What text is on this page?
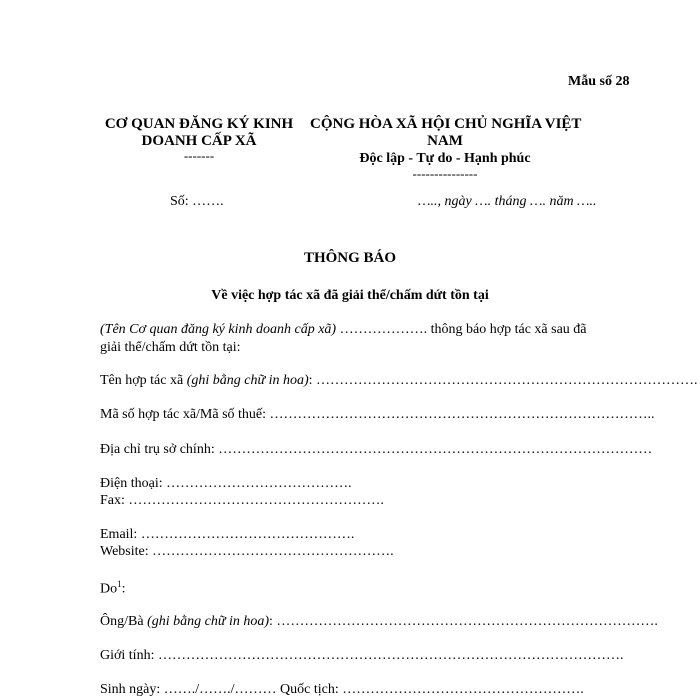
Mẫu số 28
CƠ QUAN ĐĂNG KÝ KINH
DOANH CẤP XÃ
-------
Số: …….
CỘNG HÒA XÃ HỘI CHỦ NGHĨA VIỆT
NAM
Độc lập - Tự do - Hạnh phúc
---------------
….., ngày …. tháng …. năm …..
THÔNG BÁO
Về việc hợp tác xã đã giải thể/chấm dứt tồn tại
(Tên Cơ quan đăng ký kinh doanh cấp xã) ………………. thông báo hợp tác xã sau đã
giải thể/chấm dứt tồn tại:
Tên hợp tác xã (ghi bằng chữ in hoa): ……………………………………………………………………….
Mã số hợp tác xã/Mã số thuế: ………………………………………………………………………..
Địa chỉ trụ sở chính: …………………………………………………………………………………
Điện thoại: ………………………………….
Fax: ……………………………………………….
Email: ……………………………………….
Website: …………………………………………….
Do$^1$:
Ông/Bà (ghi bằng chữ in hoa): ……………………………………………………………………….
Giới tính: ……………………………………………………………………………………….
Sinh ngày: ……./……./……… Quốc tịch: …………………………………………….
